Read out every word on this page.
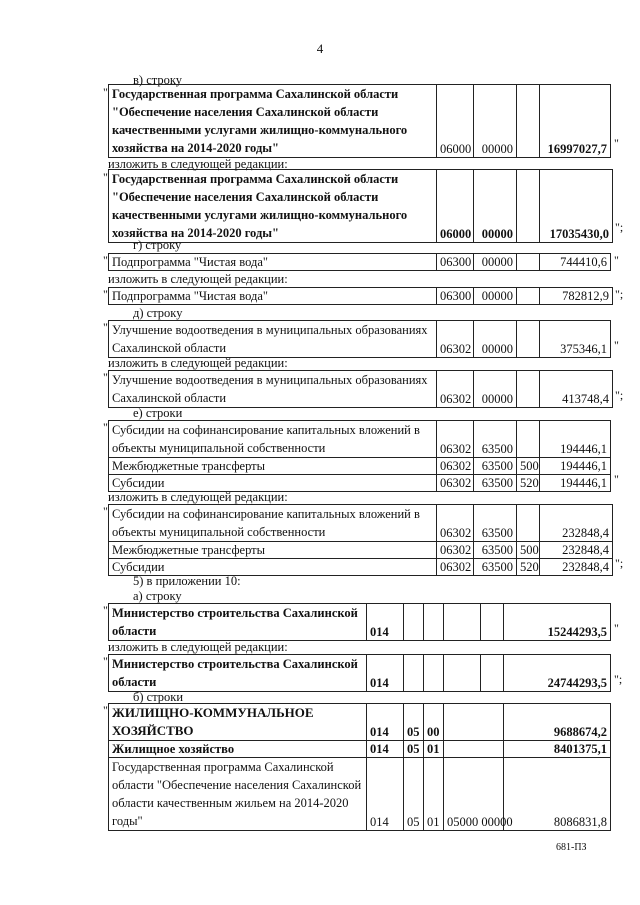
4
в) строку
" Государственная программа Сахалинской области "Обеспечение населения Сахалинской области качественными услугами жилищно-коммунального хозяйства на 2014-2020 годы"	06000	00000		16997027,7 "
изложить в следующей редакции:
" Государственная программа Сахалинской области "Обеспечение населения Сахалинской области качественными услугами жилищно-коммунального хозяйства на 2014-2020 годы"	06000	00000		17035430,0 ";
г) строку
Подпрограмма "Чистая вода"	06300	00000		744410,6
"	"
изложить в следующей редакции:
Подпрограмма "Чистая вода"	06300	00000		782812,9
"	";
д) строку
Улучшение водоотведения в муниципальных образованиях Сахалинской области	06302	00000		375346,1
"
"
изложить в следующей редакции:
Улучшение водоотведения в муниципальных образованиях Сахалинской области	06302	00000		413748,4
"
";
е) строки
Субсидии на софинансирование капитальных вложений в объекты муниципальной собственности	06302	63500		194446,1
Межбюджетные трансферты	06302	63500	500	194446,1
Субсидии	06302	63500	520	194446,1
"
"
изложить в следующей редакции:
Субсидии на софинансирование капитальных вложений в объекты муниципальной собственности	06302	63500		232848,4
Межбюджетные трансферты	06302	63500	500	232848,4
Субсидии	06302	63500	520	232848,4
"
";
5) в приложении 10:
а) строку
Министерство строительства Сахалинской области	014					15244293,5
"
"
изложить в следующей редакции:
Министерство строительства Сахалинской области	014					24744293,5
"
";
б) строки
ЖИЛИЩНО-КОММУНАЛЬНОЕ ХОЗЯЙСТВО	014	05	00		9688674,2
Жилищное хозяйство	014	05	01		8401375,1
Государственная программа Сахалинской области "Обеспечение населения Сахалинской области качественным жильем на 2014-2020 годы"	014	05	01	05000 00000	8086831,8
"
681-ПЗ
